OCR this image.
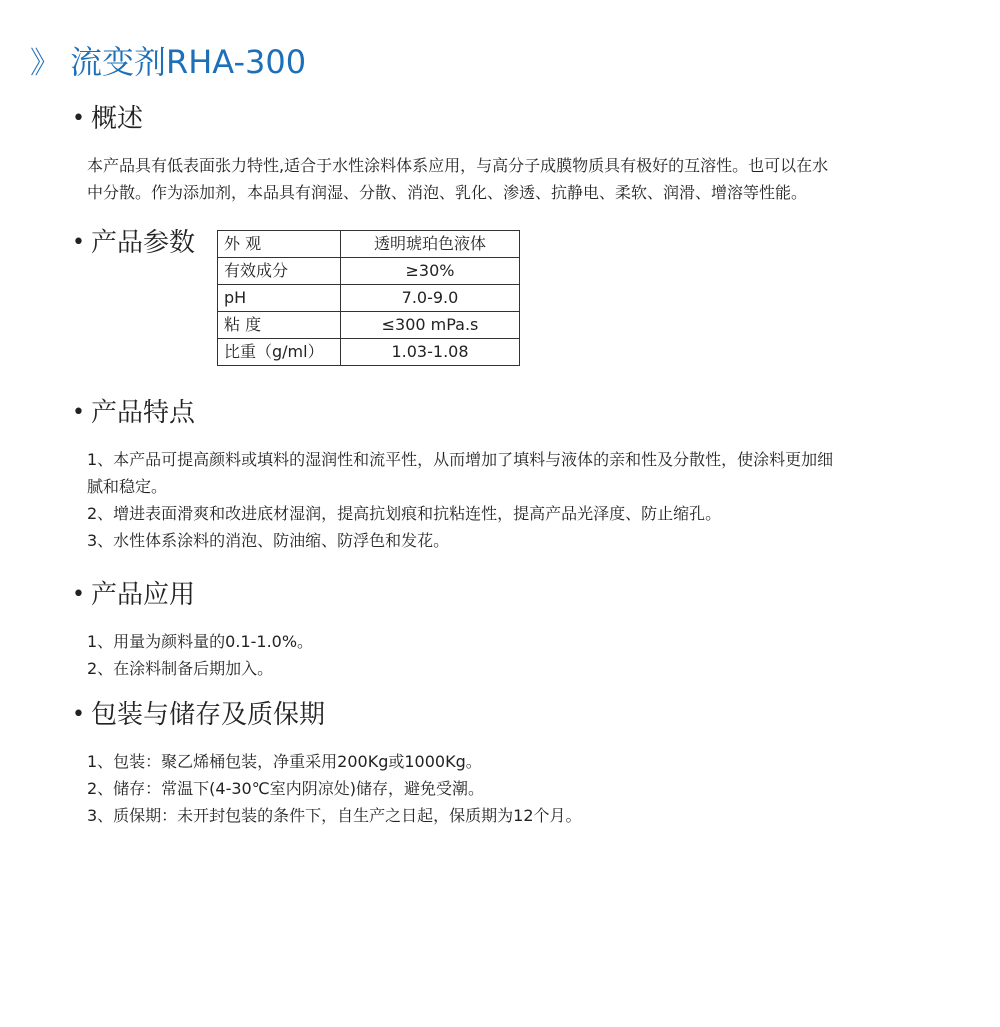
》 流变剂RHA-300
• 概述
本产品具有低表面张力特性,适合于水性涂料体系应用，与高分子成膜物质具有极好的互溶性。也可以在水
中分散。作为添加剂，本品具有润湿、分散、消泡、乳化、渗透、抗静电、柔软、润滑、增溶等性能。
• 产品参数 外 观	透明琥珀色液体
有效成分	≥30%
pH	7.0-9.0
粘 度	≤300 mPa.s
比重（g/ml）	1.03-1.08
• 产品特点
1、本产品可提高颜料或填料的湿润性和流平性，从而增加了填料与液体的亲和性及分散性，使涂料更加细
腻和稳定。
2、增进表面滑爽和改进底材湿润，提高抗划痕和抗粘连性，提高产品光泽度、防止缩孔。
3、水性体系涂料的消泡、防油缩、防浮色和发花。
• 产品应用
1、用量为颜料量的0.1-1.0%。
2、在涂料制备后期加入。
• 包装与储存及质保期
1、包装：聚乙烯桶包装，净重采用200Kg或1000Kg。
2、储存：常温下(4-30℃室内阴凉处)储存，避免受潮。
3、质保期：未开封包装的条件下，自生产之日起，保质期为12个月。
